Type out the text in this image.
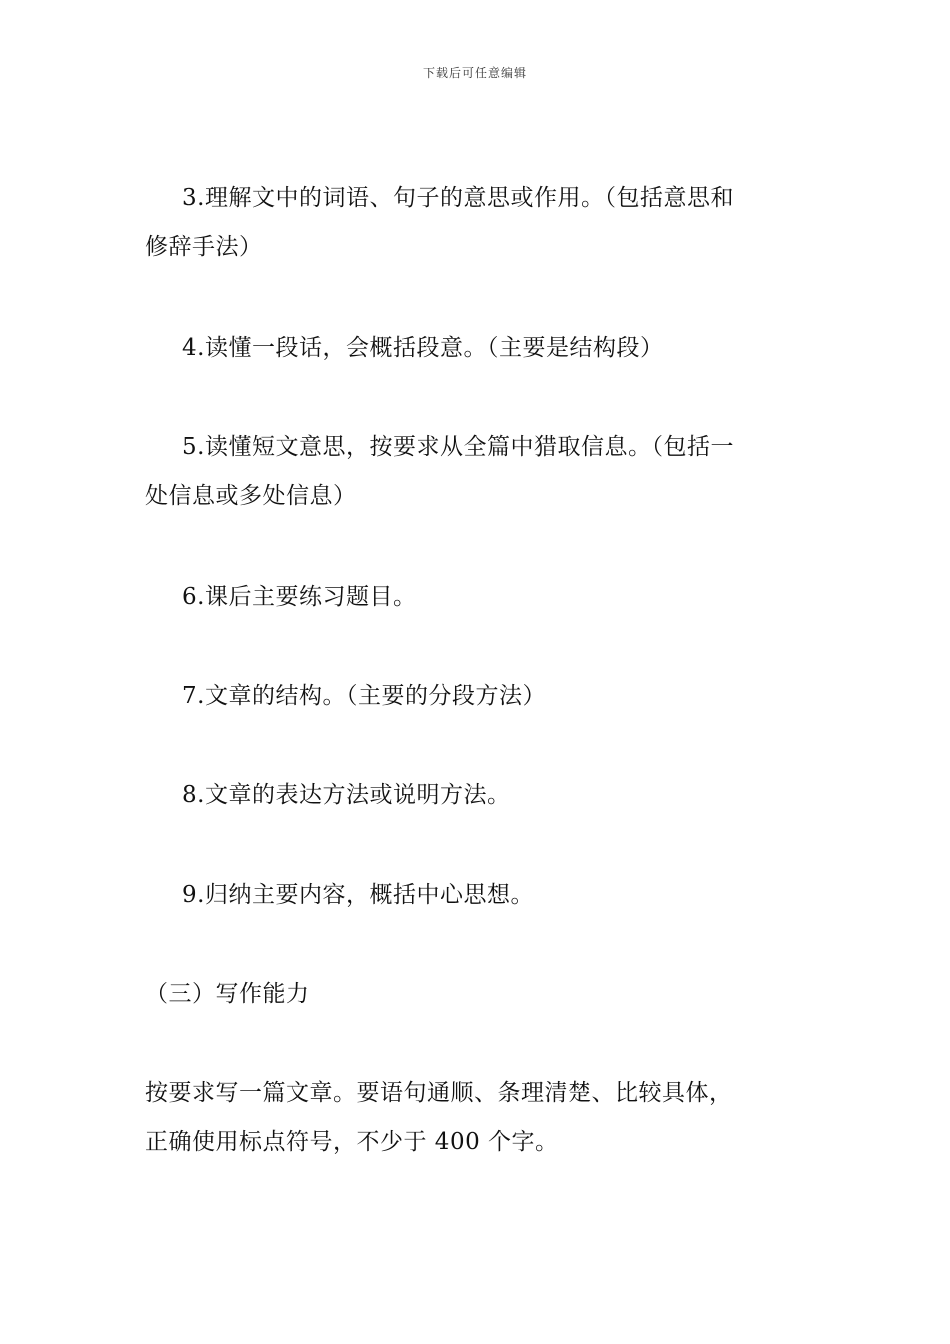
下载后可任意编辑
3.理解文中的词语、句子的意思或作用。（包括意思和
修辞手法）
4.读懂一段话，会概括段意。（主要是结构段）
5.读懂短文意思，按要求从全篇中猎取信息。（包括一
处信息或多处信息）
6.课后主要练习题目。
7.文章的结构。（主要的分段方法）
8.文章的表达方法或说明方法。
9.归纳主要内容，概括中心思想。
（三）写作能力
按要求写一篇文章。要语句通顺、条理清楚、比较具体，
正确使用标点符号，不少于 400 个字。
